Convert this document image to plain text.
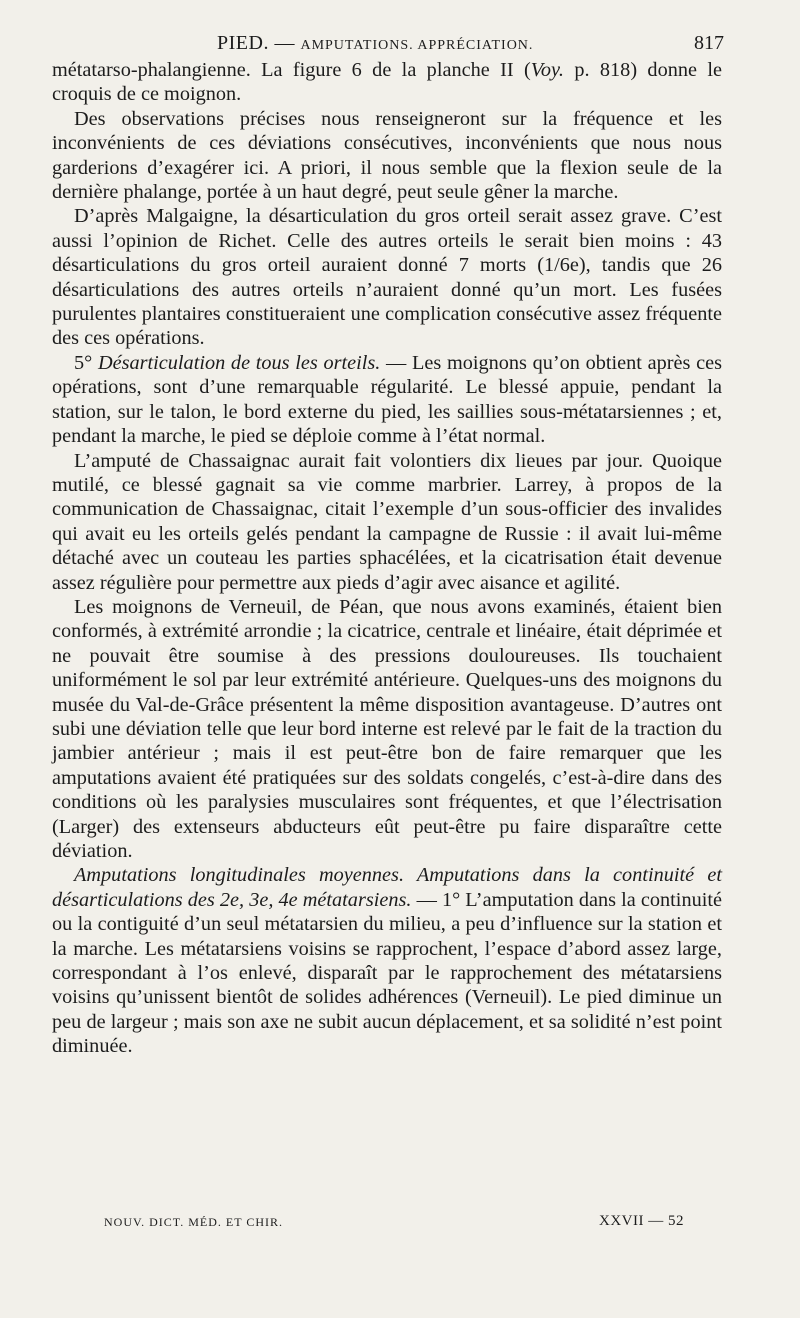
PIED. — AMPUTATIONS. APPRÉCIATION.	817

métatarso-phalangienne. La figure 6 de la planche II (Voy. p. 818) donne le croquis de ce moignon.

Des observations précises nous renseigneront sur la fréquence et les inconvénients de ces déviations consécutives, inconvénients que nous nous garderions d’exagérer ici. A priori, il nous semble que la flexion seule de la dernière phalange, portée à un haut degré, peut seule gêner la marche.

D’après Malgaigne, la désarticulation du gros orteil serait assez grave. C’est aussi l’opinion de Richet. Celle des autres orteils le serait bien moins : 43 désarticulations du gros orteil auraient donné 7 morts (1/6e), tandis que 26 désarticulations des autres orteils n’auraient donné qu’un mort. Les fusées purulentes plantaires constitueraient une complication consécutive assez fréquente des ces opérations.

5° Désarticulation de tous les orteils. — Les moignons qu’on obtient après ces opérations, sont d’une remarquable régularité. Le blessé appuie, pendant la station, sur le talon, le bord externe du pied, les saillies sous-métatarsiennes ; et, pendant la marche, le pied se déploie comme à l’état normal.

L’amputé de Chassaignac aurait fait volontiers dix lieues par jour. Quoique mutilé, ce blessé gagnait sa vie comme marbrier. Larrey, à propos de la communication de Chassaignac, citait l’exemple d’un sous-officier des invalides qui avait eu les orteils gelés pendant la campagne de Russie : il avait lui-même détaché avec un couteau les parties sphacélées, et la cicatrisation était devenue assez régulière pour permettre aux pieds d’agir avec aisance et agilité.

Les moignons de Verneuil, de Péan, que nous avons examinés, étaient bien conformés, à extrémité arrondie ; la cicatrice, centrale et linéaire, était déprimée et ne pouvait être soumise à des pressions douloureuses. Ils touchaient uniformément le sol par leur extrémité antérieure. Quelques-uns des moignons du musée du Val-de-Grâce présentent la même disposition avantageuse. D’autres ont subi une déviation telle que leur bord interne est relevé par le fait de la traction du jambier antérieur ; mais il est peut-être bon de faire remarquer que les amputations avaient été pratiquées sur des soldats congelés, c’est-à-dire dans des conditions où les paralysies musculaires sont fréquentes, et que l’électrisation (Larger) des extenseurs abducteurs eût peut-être pu faire disparaître cette déviation.

Amputations longitudinales moyennes. Amputations dans la continuité et désarticulations des 2e, 3e, 4e métatarsiens. — 1° L’amputation dans la continuité ou la contiguité d’un seul métatarsien du milieu, a peu d’influence sur la station et la marche. Les métatarsiens voisins se rapprochent, l’espace d’abord assez large, correspondant à l’os enlevé, disparaît par le rapprochement des métatarsiens voisins qu’unissent bientôt de solides adhérences (Verneuil). Le pied diminue un peu de largeur ; mais son axe ne subit aucun déplacement, et sa solidité n’est point diminuée.

NOUV. DICT. MÉD. ET CHIR.	XXVII — 52
